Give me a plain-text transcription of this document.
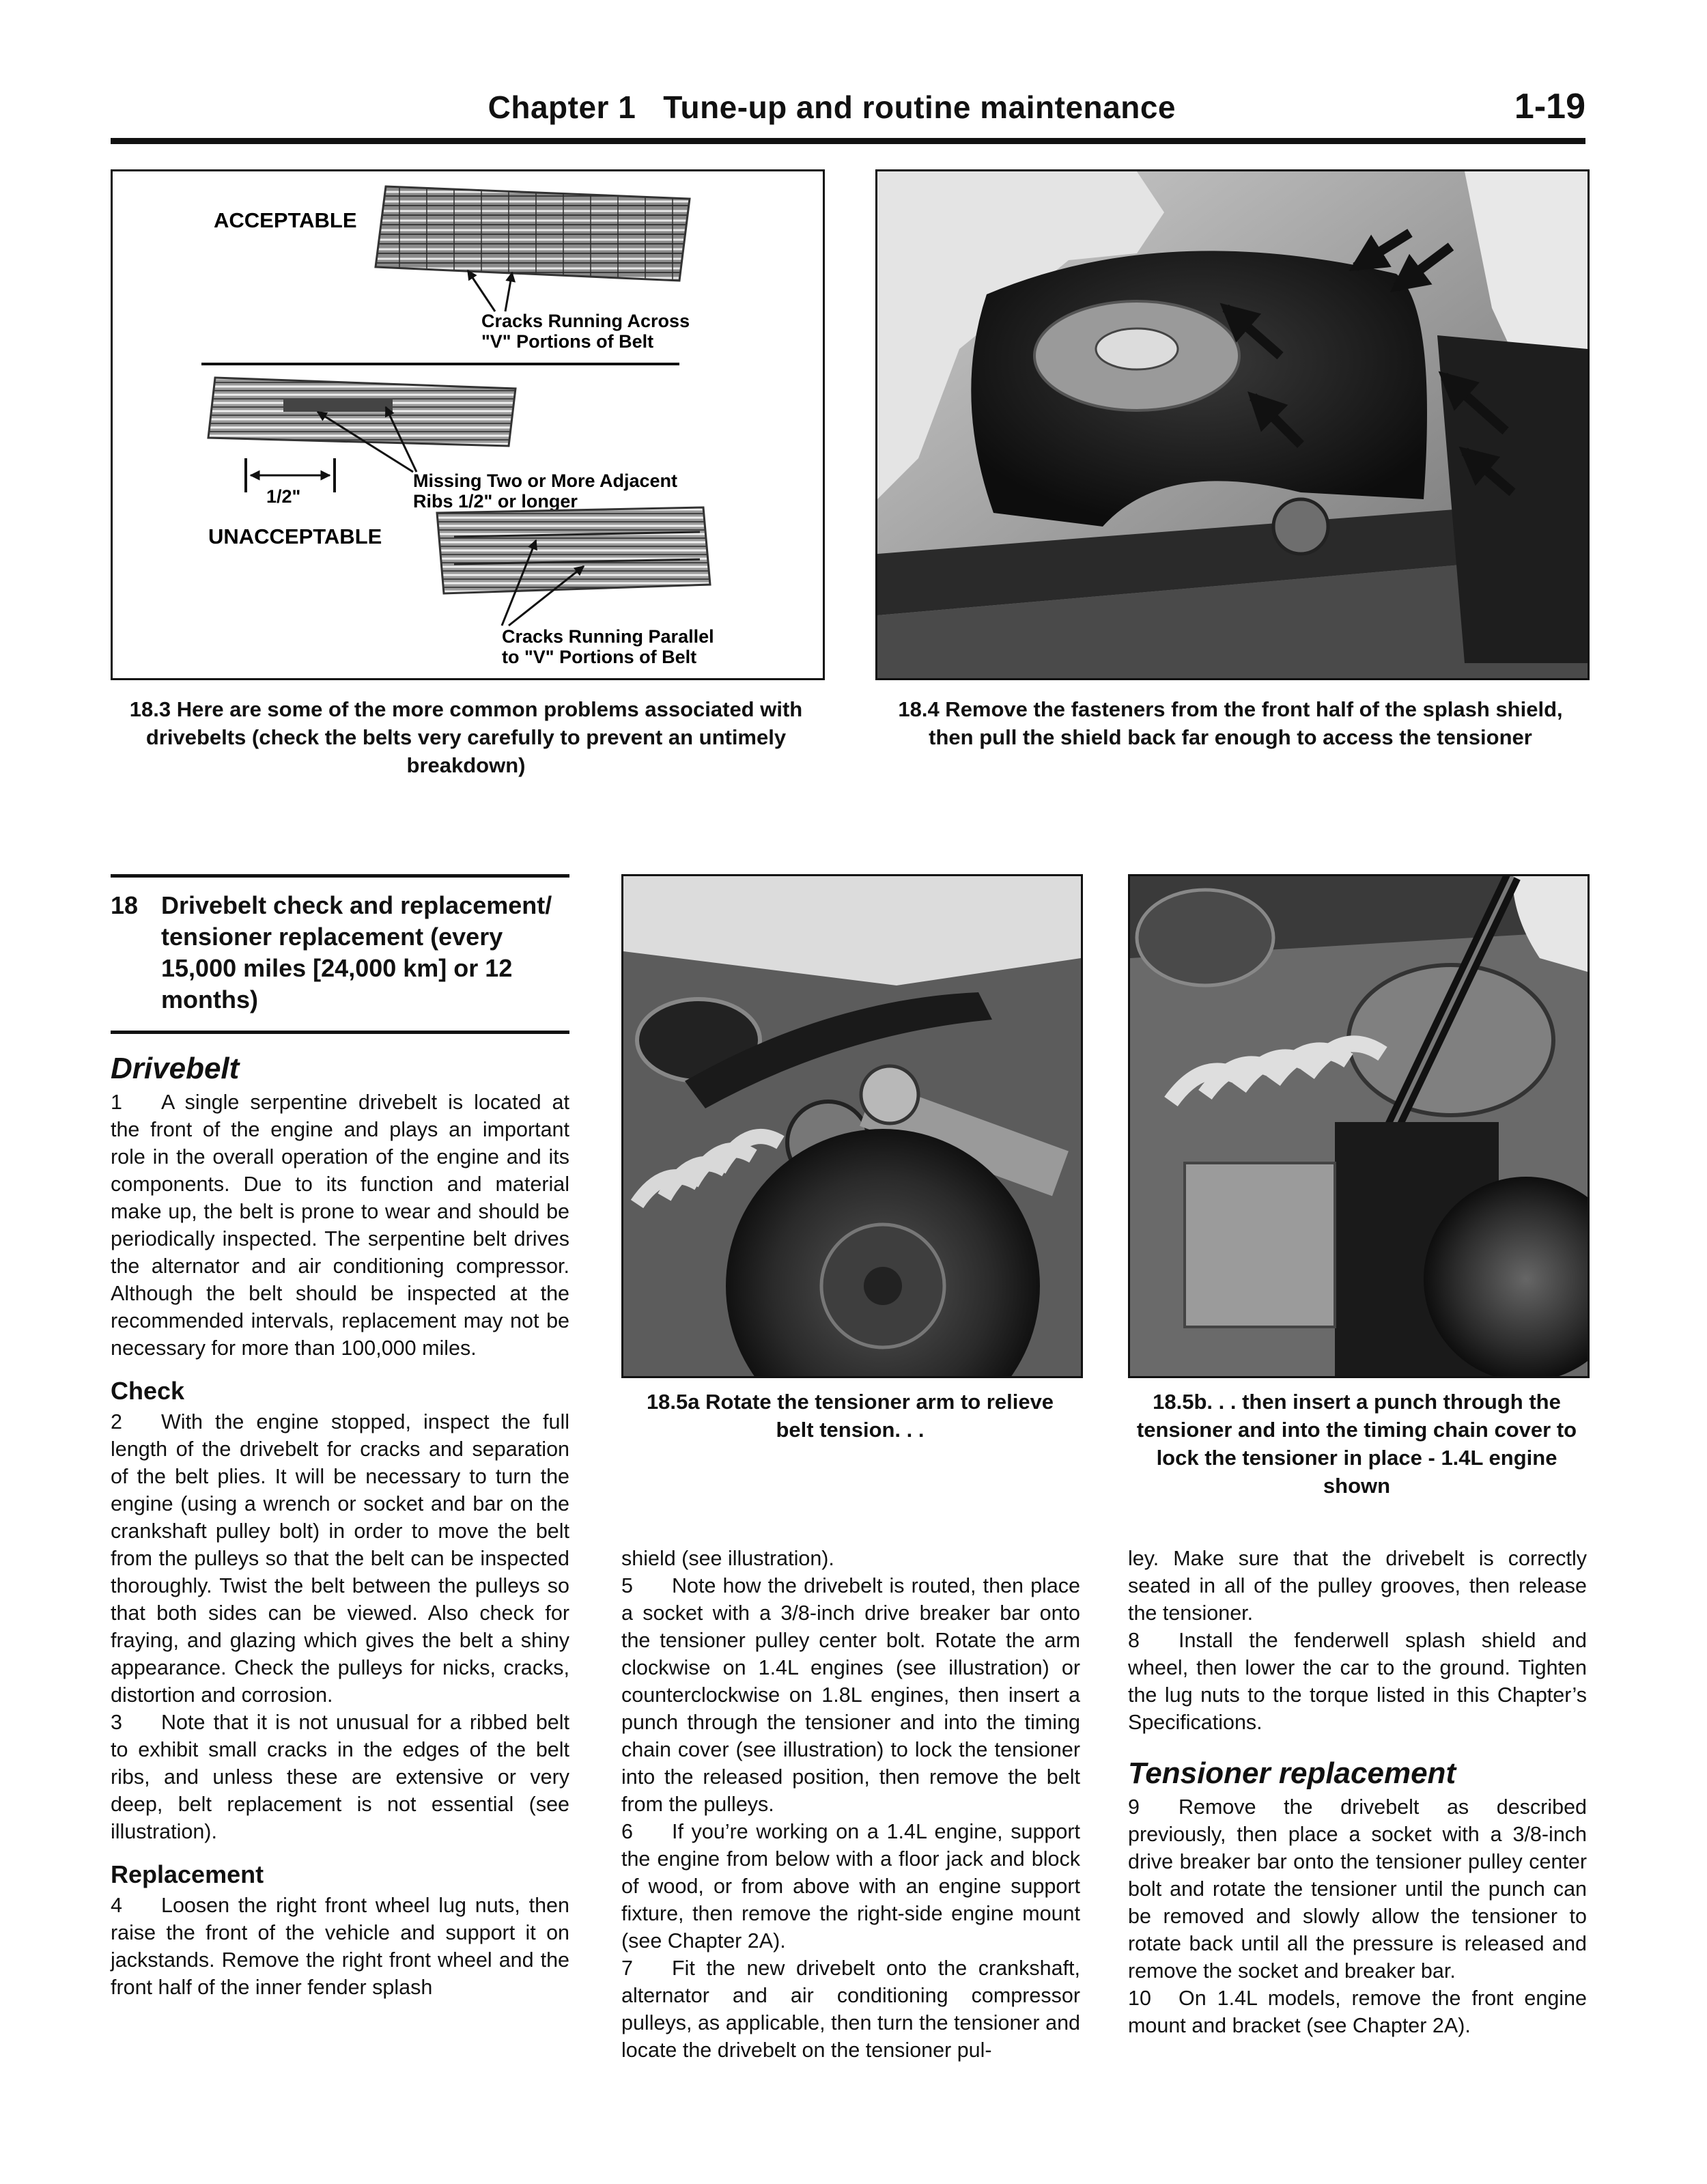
Chapter 1 Tune-up and routine maintenance	1-19
ACCEPTABLE
Cracks Running Across
"V" Portions of Belt
1/2"
Missing Two or More Adjacent
Ribs 1/2" or longer
UNACCEPTABLE
Cracks Running Parallel
to "V" Portions of Belt
18.3 Here are some of the more common problems associated with drivebelts (check the belts very carefully to prevent an untimely breakdown)
18.4 Remove the fasteners from the front half of the splash shield, then pull the shield back far enough to access the tensioner
18 Drivebelt check and replacement/ tensioner replacement (every 15,000 miles [24,000 km] or 12 months)
18.5a Rotate the tensioner arm to relieve belt tension. . .
18.5b. . . then insert a punch through the tensioner and into the timing chain cover to lock the tensioner in place - 1.4L engine shown
Drivebelt

1 A single serpentine drivebelt is located at the front of the engine and plays an important role in the overall operation of the engine and its components. Due to its function and material make up, the belt is prone to wear and should be periodically inspected. The serpentine belt drives the alternator and air conditioning compressor. Although the belt should be inspected at the recommended intervals, replacement may not be necessary for more than 100,000 miles.

Check

2 With the engine stopped, inspect the full length of the drivebelt for cracks and separation of the belt plies. It will be necessary to turn the engine (using a wrench or socket and bar on the crankshaft pulley bolt) in order to move the belt from the pulleys so that the belt can be inspected thoroughly. Twist the belt between the pulleys so that both sides can be viewed. Also check for fraying, and glazing which gives the belt a shiny appearance. Check the pulleys for nicks, cracks, distortion and corrosion.

3 Note that it is not unusual for a ribbed belt to exhibit small cracks in the edges of the belt ribs, and unless these are extensive or very deep, belt replacement is not essential (see illustration).

Replacement

4 Loosen the right front wheel lug nuts, then raise the front of the vehicle and support it on jackstands. Remove the right front wheel and the front half of the inner fender splash

shield (see illustration).

5 Note how the drivebelt is routed, then place a socket with a 3/8-inch drive breaker bar onto the tensioner pulley center bolt. Rotate the arm clockwise on 1.4L engines (see illustration) or counterclockwise on 1.8L engines, then insert a punch through the tensioner and into the timing chain cover (see illustration) to lock the tensioner into the released position, then remove the belt from the pulleys.

6 If you’re working on a 1.4L engine, support the engine from below with a floor jack and block of wood, or from above with an engine support fixture, then remove the right-side engine mount (see Chapter 2A).

7 Fit the new drivebelt onto the crankshaft, alternator and air conditioning compressor pulleys, as applicable, then turn the tensioner and locate the drivebelt on the tensioner pul-

ley. Make sure that the drivebelt is correctly seated in all of the pulley grooves, then release the tensioner.

8 Install the fenderwell splash shield and wheel, then lower the car to the ground. Tighten the lug nuts to the torque listed in this Chapter’s Specifications.

Tensioner replacement

9 Remove the drivebelt as described previously, then place a socket with a 3/8-inch drive breaker bar onto the tensioner pulley center bolt and rotate the tensioner until the punch can be removed and slowly allow the tensioner to rotate back until all the pressure is released and remove the socket and breaker bar.

10 On 1.4L models, remove the front engine mount and bracket (see Chapter 2A).
